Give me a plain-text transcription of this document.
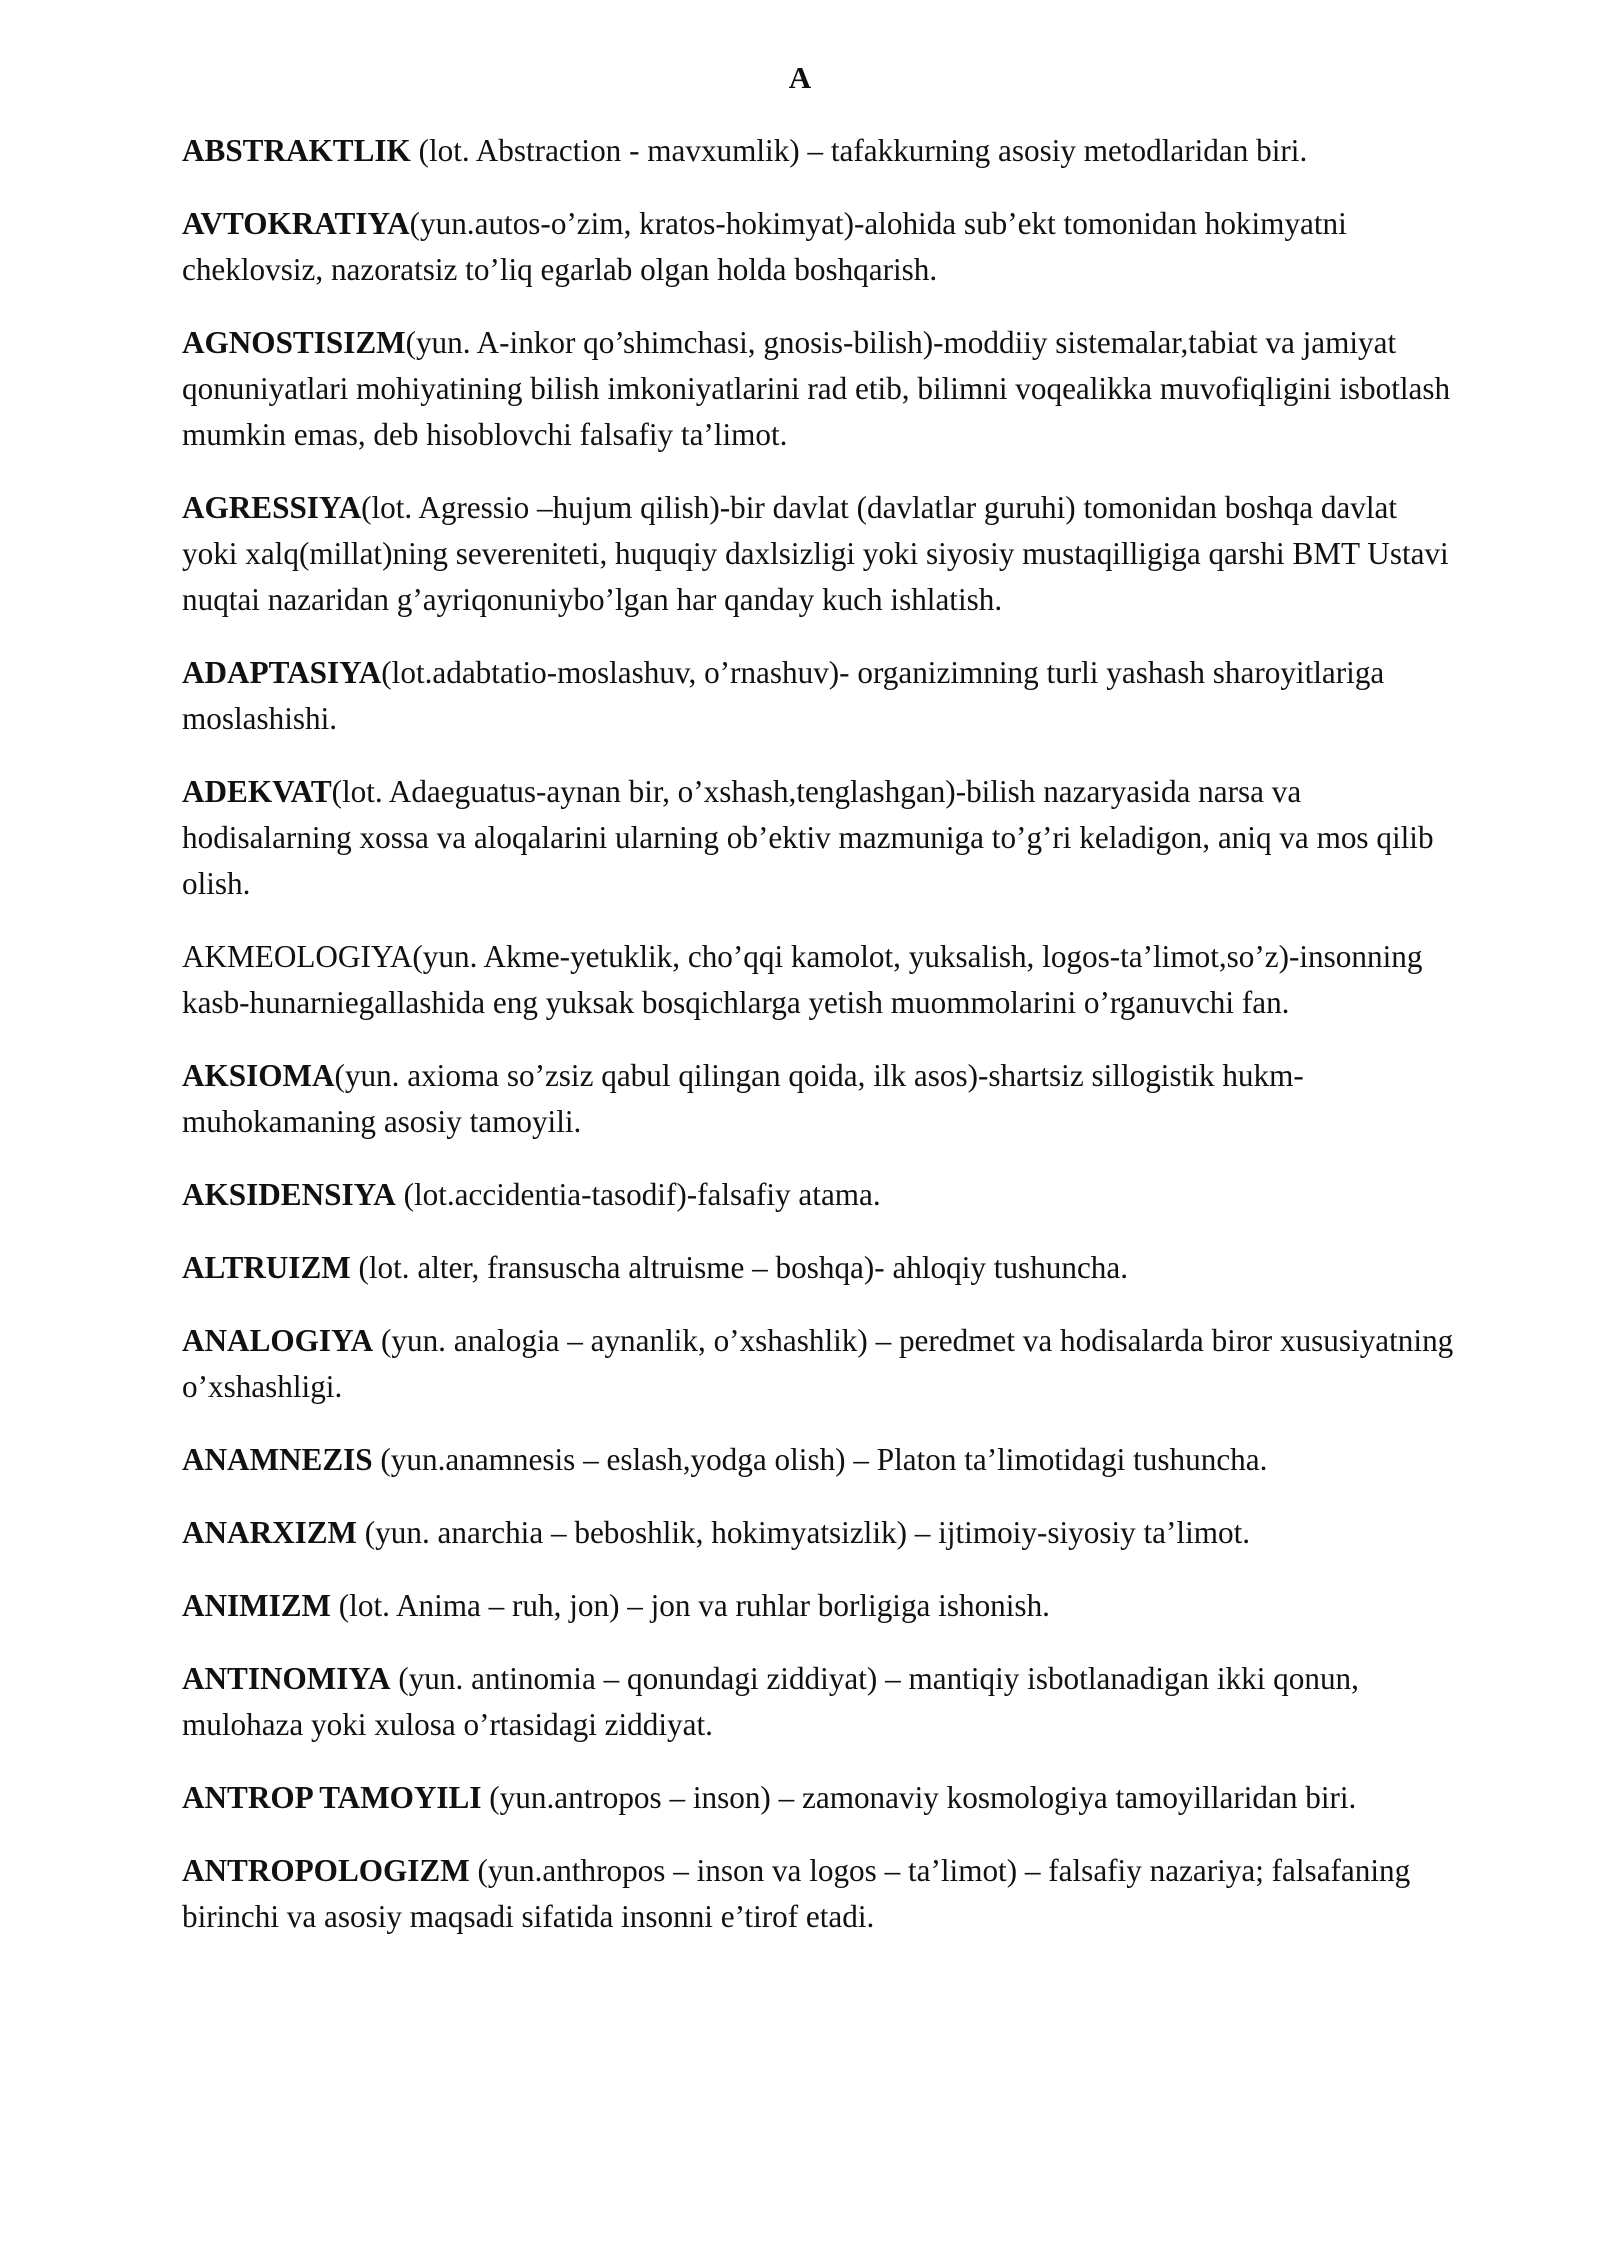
A

ABSTRAKTLIK (lot. Abstraction - mavxumlik) – tafakkurning asosiy metodlaridan biri.

AVTOKRATIYA(yun.autos-o’zim, kratos-hokimyat)-alohida sub’ekt tomonidan hokimyatni cheklovsiz, nazoratsiz to’liq egarlab olgan holda boshqarish.

AGNOSTISIZM(yun. A-inkor qo’shimchasi, gnosis-bilish)-moddiiy sistemalar,tabiat va jamiyat qonuniyatlari mohiyatining bilish imkoniyatlarini rad etib, bilimni voqealikka muvofiqligini isbotlash mumkin emas, deb hisoblovchi falsafiy ta’limot.

AGRESSIYA(lot. Agressio –hujum qilish)-bir davlat (davlatlar guruhi) tomonidan boshqa davlat yoki xalq(millat)ning severeniteti, huquqiy daxlsizligi yoki siyosiy mustaqilligiga qarshi BMT Ustavi nuqtai nazaridan g’ayriqonuniybo’lgan har qanday kuch ishlatish.

ADAPTASIYA(lot.adabtatio-moslashuv, o’rnashuv)- organizimning turli yashash sharoyitlariga moslashishi.

ADEKVAT(lot. Adaeguatus-aynan bir, o’xshash,tenglashgan)-bilish nazaryasida narsa va hodisalarning xossa va aloqalarini ularning ob’ektiv mazmuniga to’g’ri keladigon, aniq va mos qilib olish.

AKMEOLOGIYA(yun. Akme-yetuklik, cho’qqi kamolot, yuksalish, logos-ta’limot,so’z)-insonning kasb-hunarniegallashida eng yuksak bosqichlarga yetish muommolarini o’rganuvchi fan.

AKSIOMA(yun. axioma so’zsiz qabul qilingan qoida, ilk asos)-shartsiz sillogistik hukm-muhokamaning asosiy tamoyili.

AKSIDENSIYA (lot.accidentia-tasodif)-falsafiy atama.

ALTRUIZM (lot. alter, fransuscha altruisme – boshqa)- ahloqiy tushuncha.

ANALOGIYA (yun. analogia – aynanlik, o’xshashlik) – peredmet va hodisalarda biror xususiyatning o’xshashligi.

ANAMNEZIS (yun.anamnesis – eslash,yodga olish) – Platon ta’limotidagi tushuncha.

ANARXIZM (yun. anarchia – beboshlik, hokimyatsizlik) – ijtimoiy-siyosiy ta’limot.

ANIMIZM (lot. Anima – ruh, jon) – jon va ruhlar borligiga ishonish.

ANTINOMIYA (yun. antinomia – qonundagi ziddiyat) – mantiqiy isbotlanadigan ikki qonun, mulohaza yoki xulosa o’rtasidagi ziddiyat.

ANTROP TAMOYILI (yun.antropos – inson) – zamonaviy kosmologiya tamoyillaridan biri.

ANTROPOLOGIZM (yun.anthropos – inson va logos – ta’limot) – falsafiy nazariya; falsafaning birinchi va asosiy maqsadi sifatida insonni e’tirof etadi.
